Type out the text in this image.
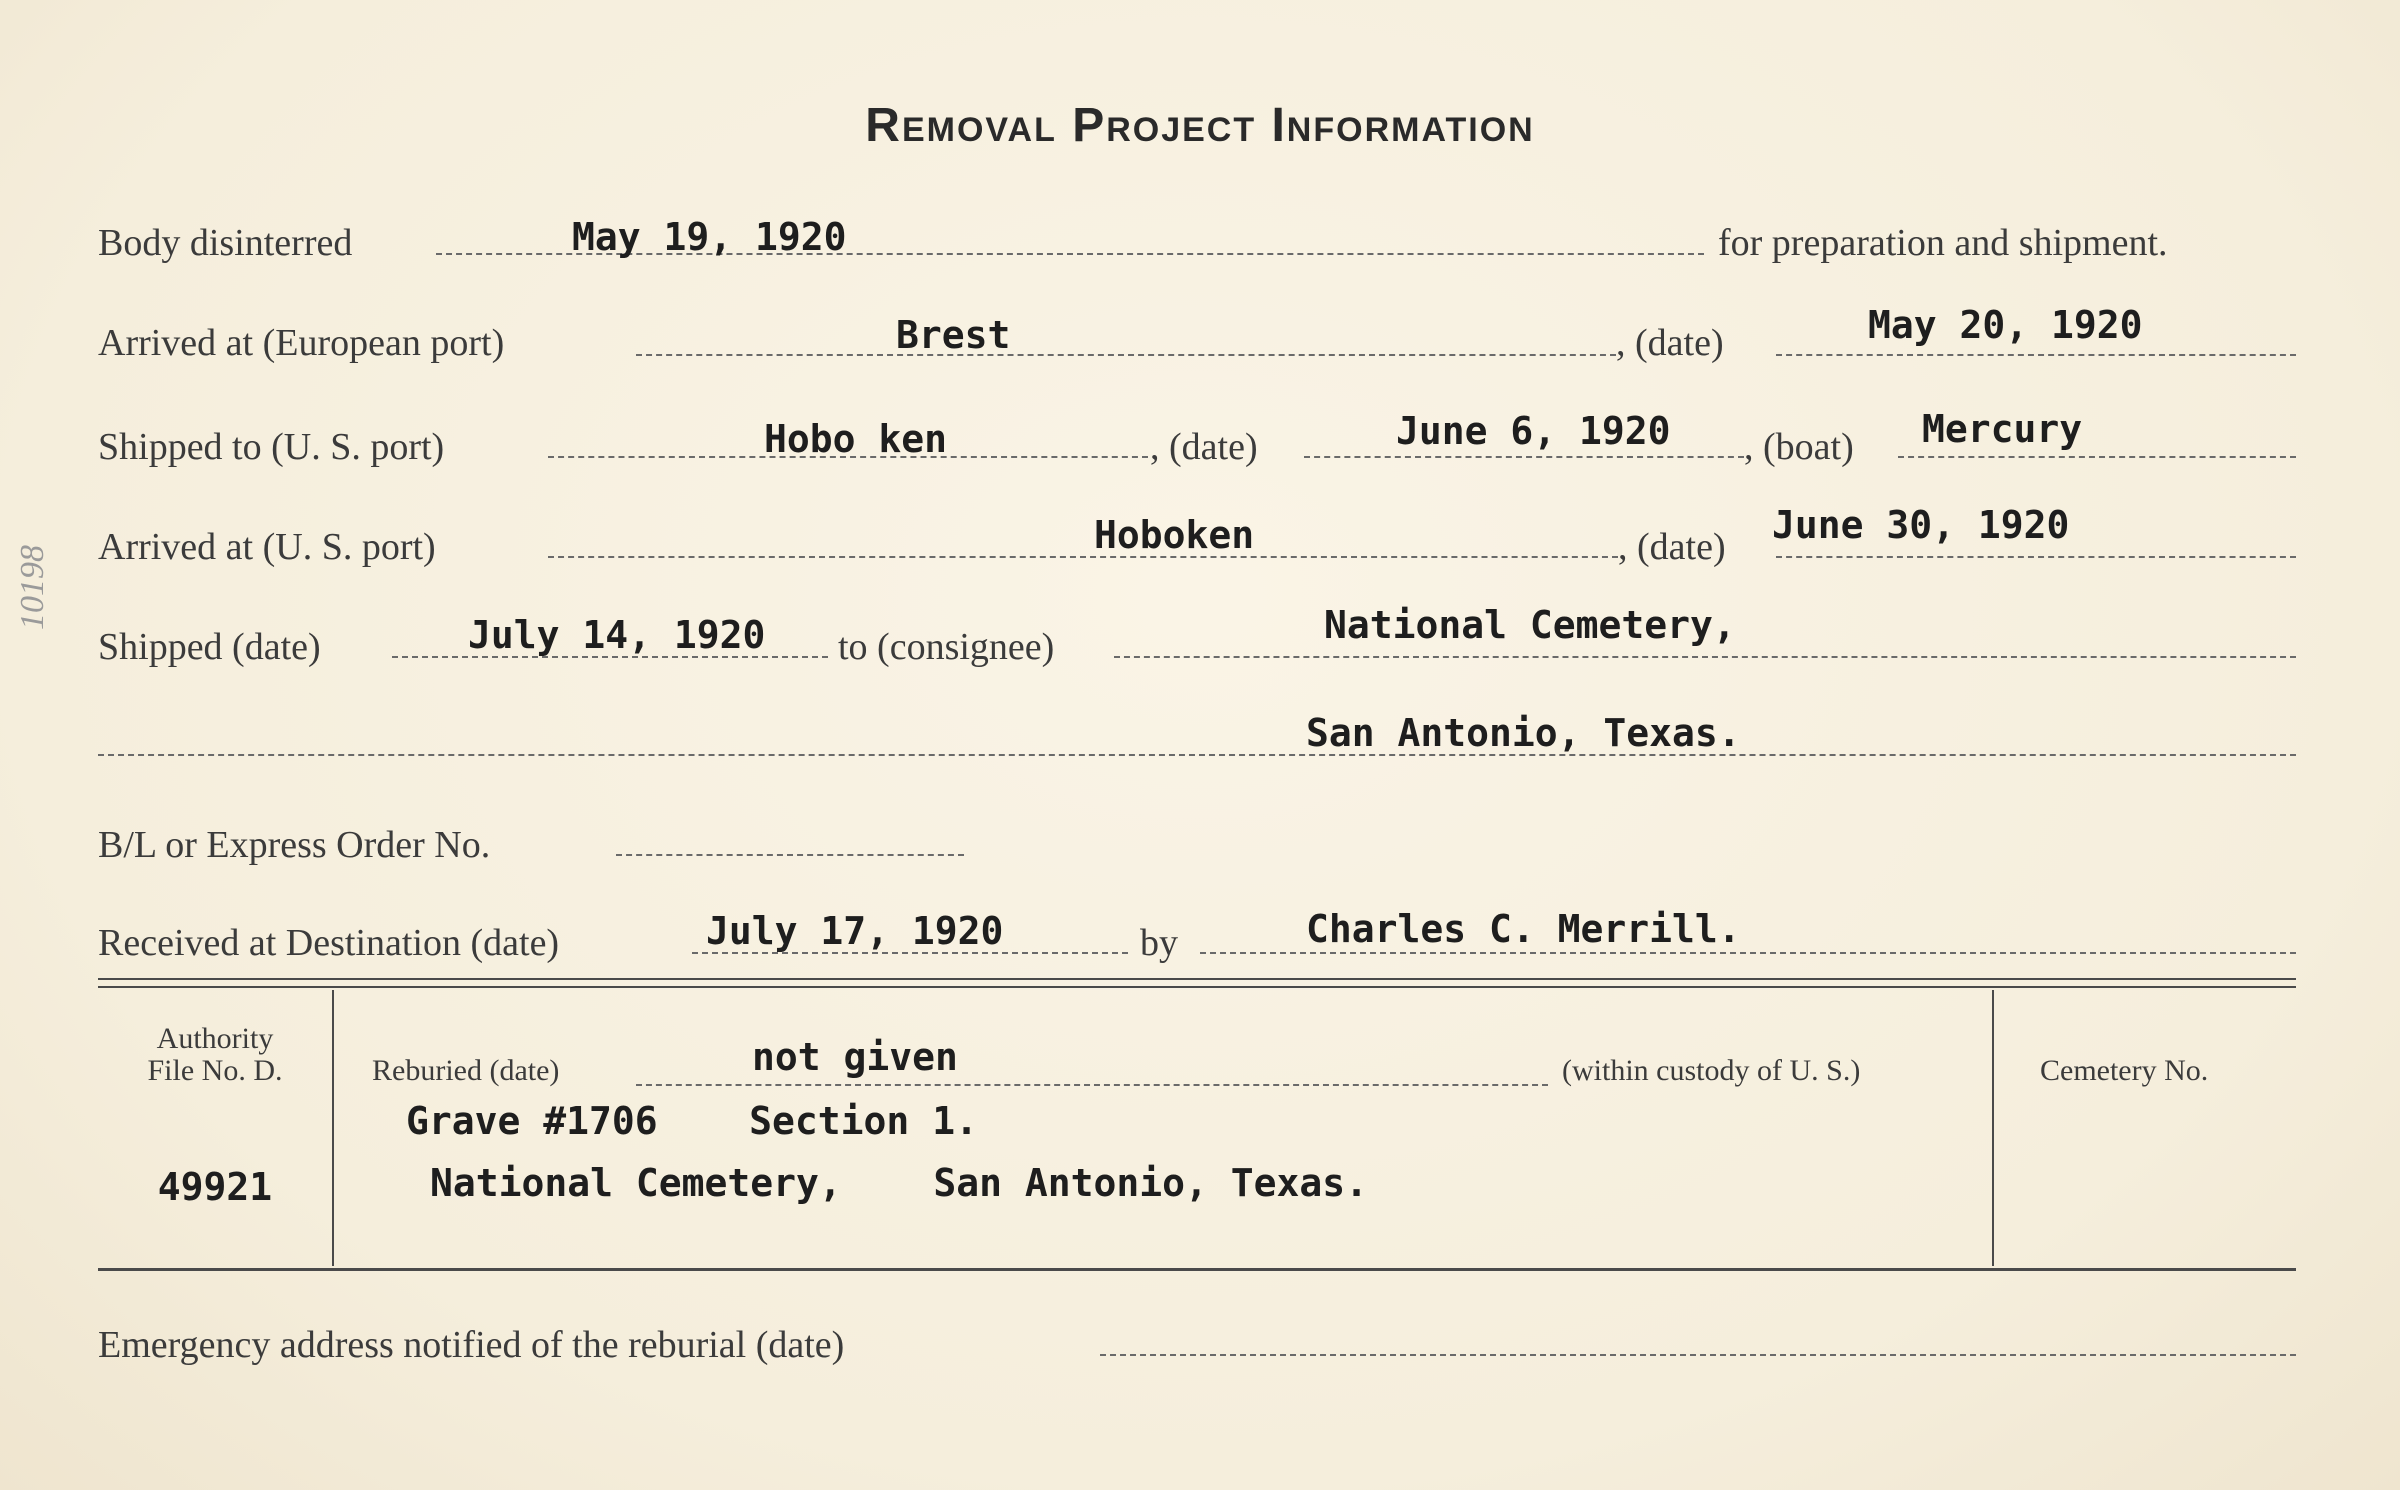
Removal Project Information
Body disinterred	May 19, 1920	for preparation and shipment.
Arrived at (European port)	Brest	, (date)	May 20, 1920
Shipped to (U. S. port)	Hobo ken	, (date)	June 6, 1920 , (boat) Mercury
Arrived at (U. S. port)	Hoboken	, (date) June 30, 1920
Shipped (date)	July 14, 1920 to (consignee)	National Cemetery,
San Antonio, Texas.
B/L or Express Order No.
Received at Destination (date)	July 17, 1920	by	Charles C. Merrill.
Authority
File No. D.
49921
Reburied (date)	not given	(within custody of U. S.)
Grave #1706    Section 1.
National Cemetery,    San Antonio, Texas.
Cemetery No.
Emergency address notified of the reburial (date)
10198
